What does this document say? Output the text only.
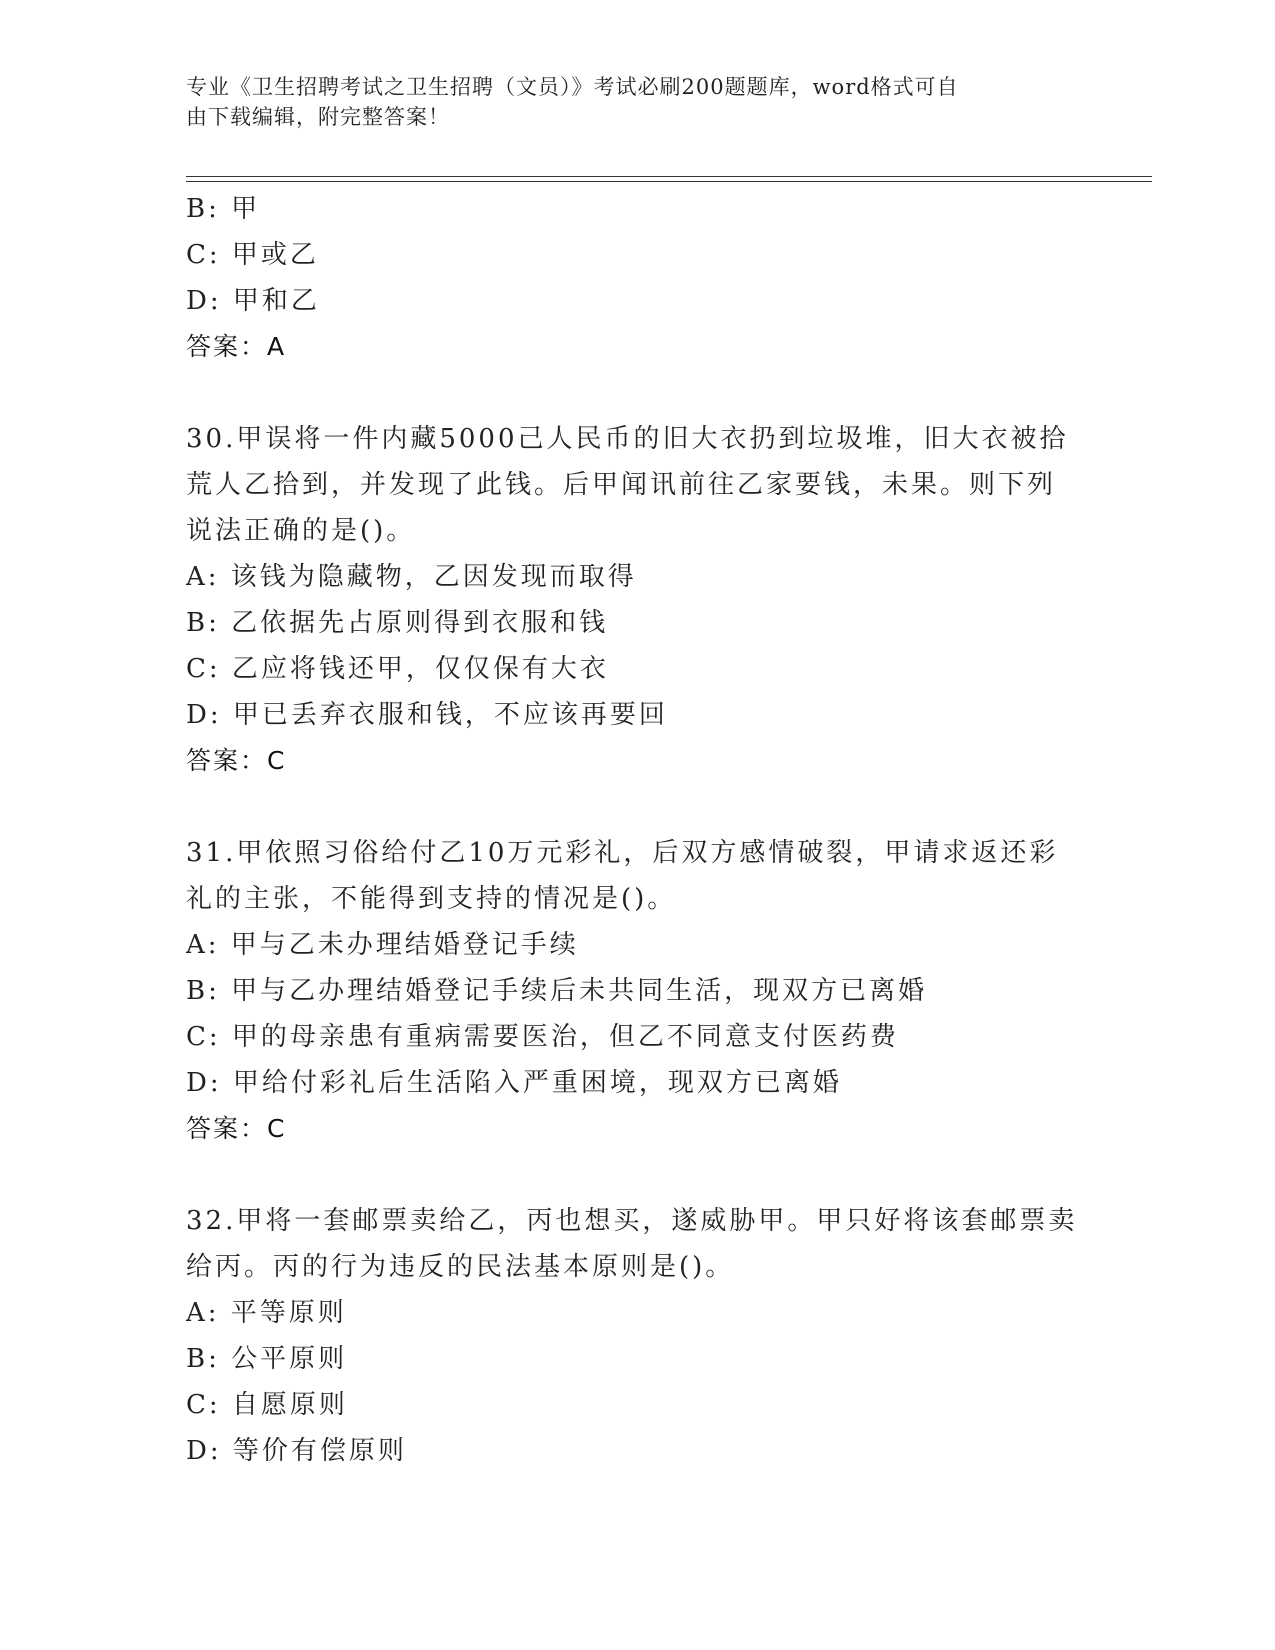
专业《卫生招聘考试之卫生招聘（文员）》考试必刷200题题库，word格式可自
由下载编辑，附完整答案！
B: 甲
C: 甲或乙
D: 甲和乙
答案：A
30.甲误将一件内藏5000己人民币的旧大衣扔到垃圾堆，旧大衣被拾
荒人乙拾到，并发现了此钱。后甲闻讯前往乙家要钱，未果。则下列
说法正确的是()。
A: 该钱为隐藏物，乙因发现而取得
B: 乙依据先占原则得到衣服和钱
C: 乙应将钱还甲，仅仅保有大衣
D: 甲已丢弃衣服和钱，不应该再要回
答案：C
31.甲依照习俗给付乙10万元彩礼，后双方感情破裂，甲请求返还彩
礼的主张，不能得到支持的情况是()。
A: 甲与乙未办理结婚登记手续
B: 甲与乙办理结婚登记手续后未共同生活，现双方已离婚
C: 甲的母亲患有重病需要医治，但乙不同意支付医药费
D: 甲给付彩礼后生活陷入严重困境，现双方已离婚
答案：C
32.甲将一套邮票卖给乙，丙也想买，遂威胁甲。甲只好将该套邮票卖
给丙。丙的行为违反的民法基本原则是()。
A: 平等原则
B: 公平原则
C: 自愿原则
D: 等价有偿原则
